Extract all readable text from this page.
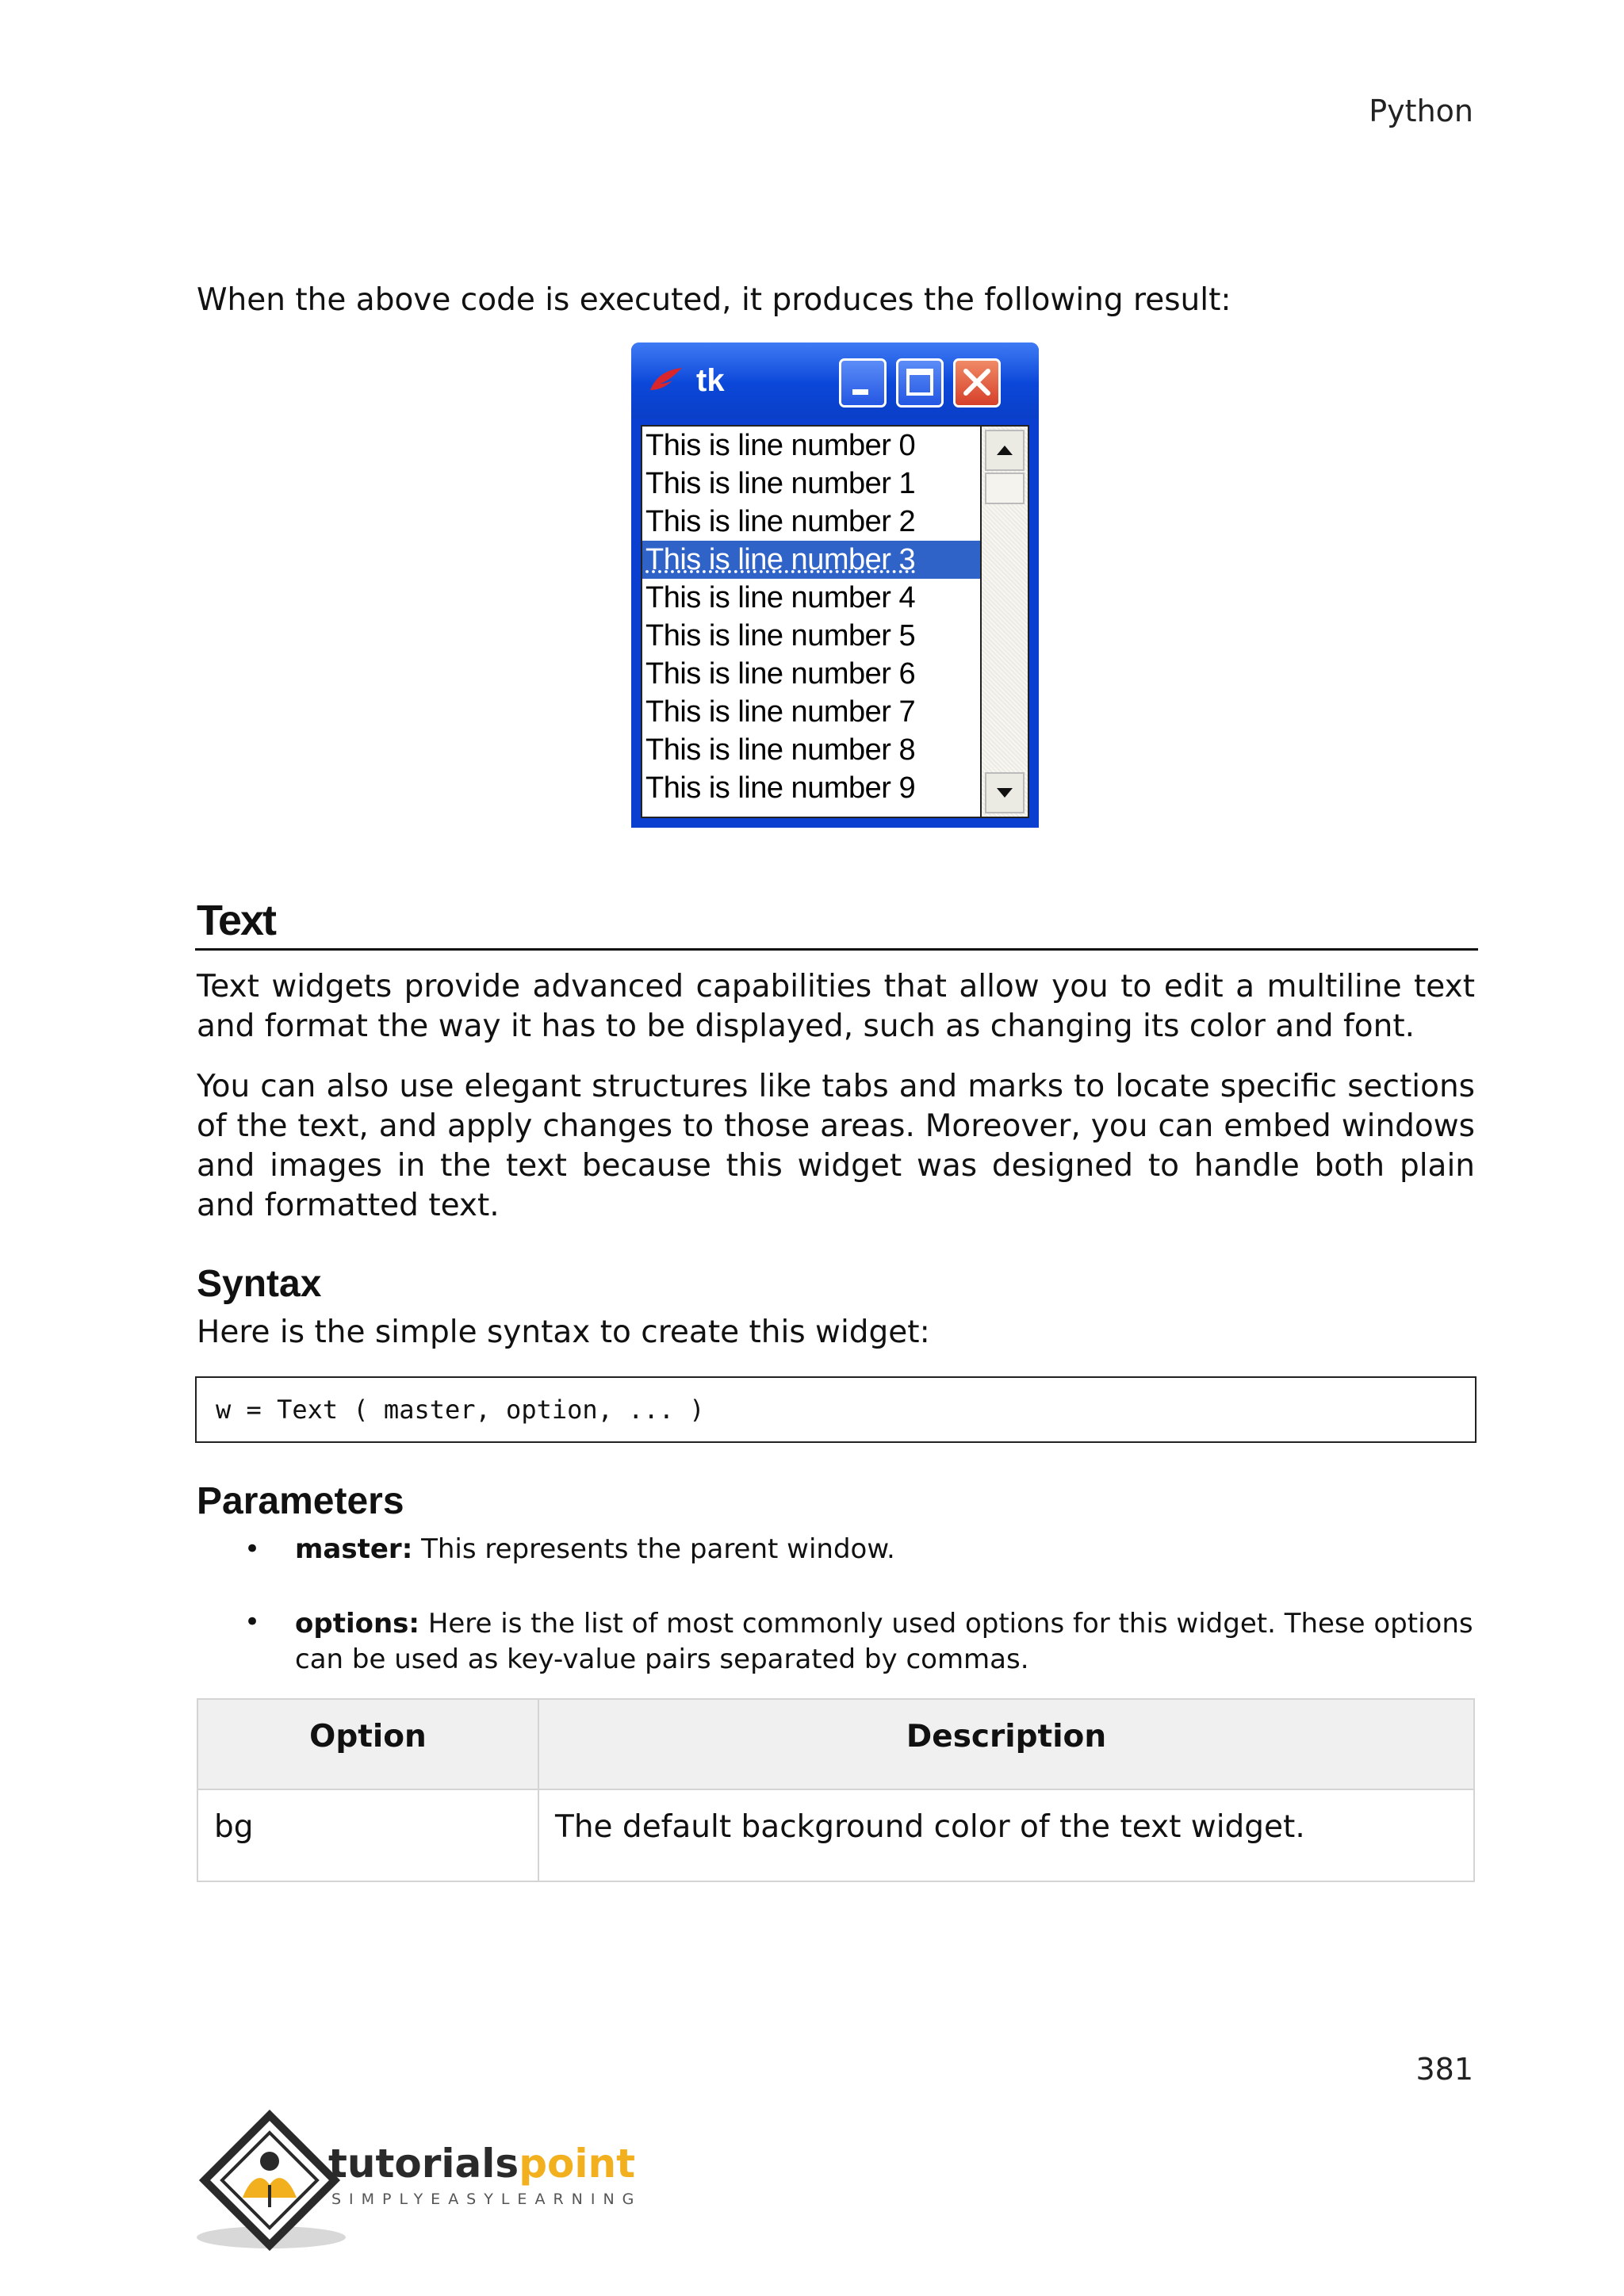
Python
When the above code is executed, it produces the following result:
tk
This is line number 0
This is line number 1
This is line number 2
This is line number 3
This is line number 4
This is line number 5
This is line number 6
This is line number 7
This is line number 8
This is line number 9
Text
Text widgets provide advanced capabilities that allow you to edit a multiline text and format the way it has to be displayed, such as changing its color and font.
You can also use elegant structures like tabs and marks to locate specific sections of the text, and apply changes to those areas. Moreover, you can embed windows and images in the text because this widget was designed to handle both plain and formatted text.
Syntax
Here is the simple syntax to create this widget:
w = Text ( master, option, ... )
Parameters
• master: This represents the parent window.
• options: Here is the list of most commonly used options for this widget. These options can be used as key-value pairs separated by commas.
Option	Description
bg	The default background color of the text widget.
381
tutorialspoint
SIMPLYEASYLEARNING
